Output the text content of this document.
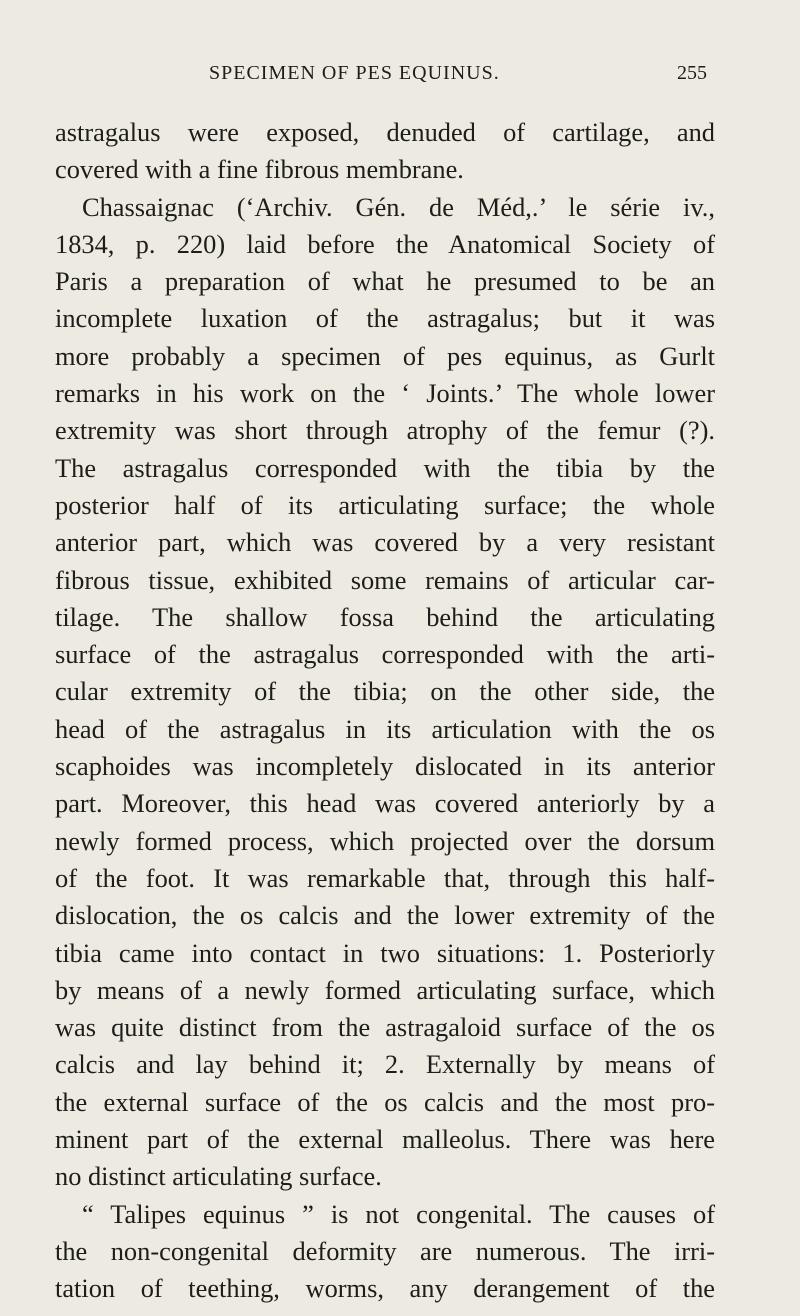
SPECIMEN OF PES EQUINUS.	255
astragalus were exposed, denuded of cartilage, and
covered with a fine fibrous membrane.
Chassaignac (‘Archiv. Gén. de Méd,.’ le série iv.,
1834, p. 220) laid before the Anatomical Society of
Paris a preparation of what he presumed to be an
incomplete luxation of the astragalus; but it was
more probably a specimen of pes equinus, as Gurlt
remarks in his work on the ‘ Joints.’ The whole lower
extremity was short through atrophy of the femur (?).
The astragalus corresponded with the tibia by the
posterior half of its articulating surface; the whole
anterior part, which was covered by a very resistant
fibrous tissue, exhibited some remains of articular car-
tilage. The shallow fossa behind the articulating
surface of the astragalus corresponded with the arti-
cular extremity of the tibia; on the other side, the
head of the astragalus in its articulation with the os
scaphoides was incompletely dislocated in its anterior
part. Moreover, this head was covered anteriorly by a
newly formed process, which projected over the dorsum
of the foot. It was remarkable that, through this half-
dislocation, the os calcis and the lower extremity of the
tibia came into contact in two situations: 1. Posteriorly
by means of a newly formed articulating surface, which
was quite distinct from the astragaloid surface of the os
calcis and lay behind it; 2. Externally by means of
the external surface of the os calcis and the most pro-
minent part of the external malleolus. There was here
no distinct articulating surface.
“ Talipes equinus ” is not congenital. The causes of
the non-congenital deformity are numerous. The irri-
tation of teething, worms, any derangement of the
